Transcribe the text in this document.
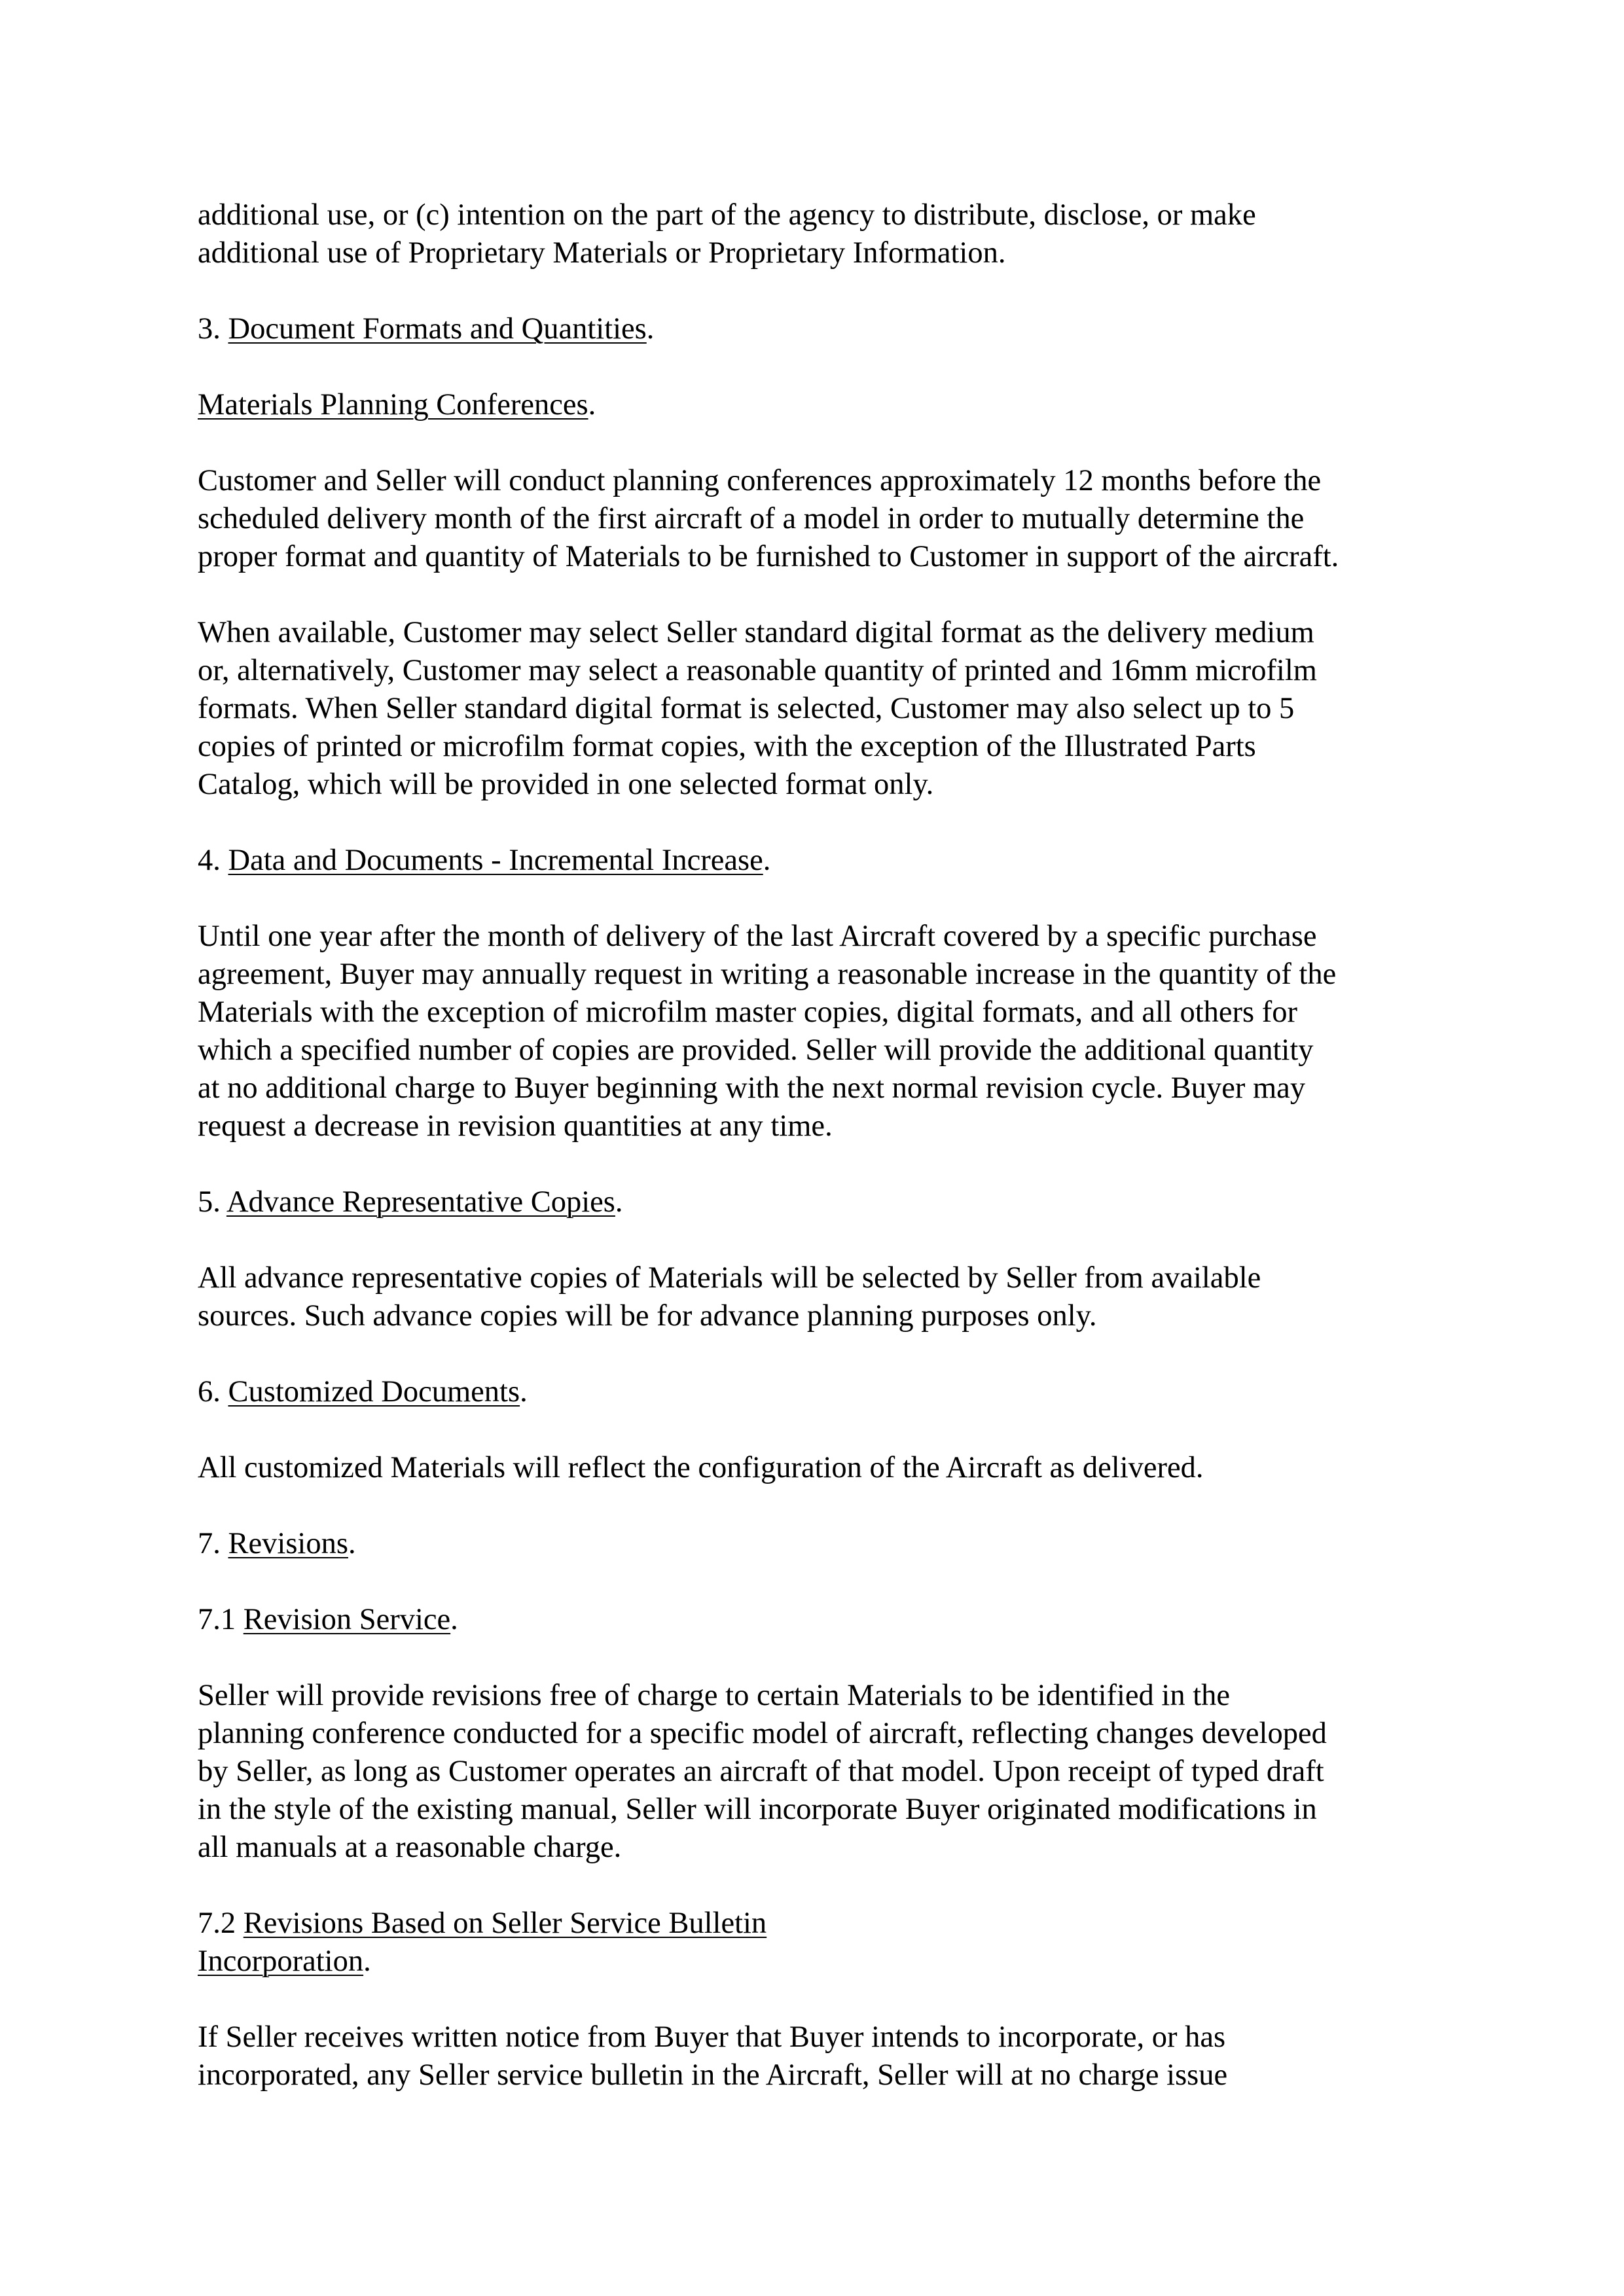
additional use, or (c) intention on the part of the agency to distribute, disclose, or make
additional use of Proprietary Materials or Proprietary Information.

3. Document Formats and Quantities.

Materials Planning Conferences.

Customer and Seller will conduct planning conferences approximately 12 months before the
scheduled delivery month of the first aircraft of a model in order to mutually determine the
proper format and quantity of Materials to be furnished to Customer in support of the aircraft.

When available, Customer may select Seller standard digital format as the delivery medium
or, alternatively, Customer may select a reasonable quantity of printed and 16mm microfilm
formats. When Seller standard digital format is selected, Customer may also select up to 5
copies of printed or microfilm format copies, with the exception of the Illustrated Parts
Catalog, which will be provided in one selected format only.

4. Data and Documents - Incremental Increase.

Until one year after the month of delivery of the last Aircraft covered by a specific purchase
agreement, Buyer may annually request in writing a reasonable increase in the quantity of the
Materials with the exception of microfilm master copies, digital formats, and all others for
which a specified number of copies are provided. Seller will provide the additional quantity
at no additional charge to Buyer beginning with the next normal revision cycle. Buyer may
request a decrease in revision quantities at any time.

5. Advance Representative Copies.

All advance representative copies of Materials will be selected by Seller from available
sources. Such advance copies will be for advance planning purposes only.

6. Customized Documents.

All customized Materials will reflect the configuration of the Aircraft as delivered.

7. Revisions.

7.1 Revision Service.

Seller will provide revisions free of charge to certain Materials to be identified in the
planning conference conducted for a specific model of aircraft, reflecting changes developed
by Seller, as long as Customer operates an aircraft of that model. Upon receipt of typed draft
in the style of the existing manual, Seller will incorporate Buyer originated modifications in
all manuals at a reasonable charge.

7.2 Revisions Based on Seller Service Bulletin
Incorporation.

If Seller receives written notice from Buyer that Buyer intends to incorporate, or has
incorporated, any Seller service bulletin in the Aircraft, Seller will at no charge issue
